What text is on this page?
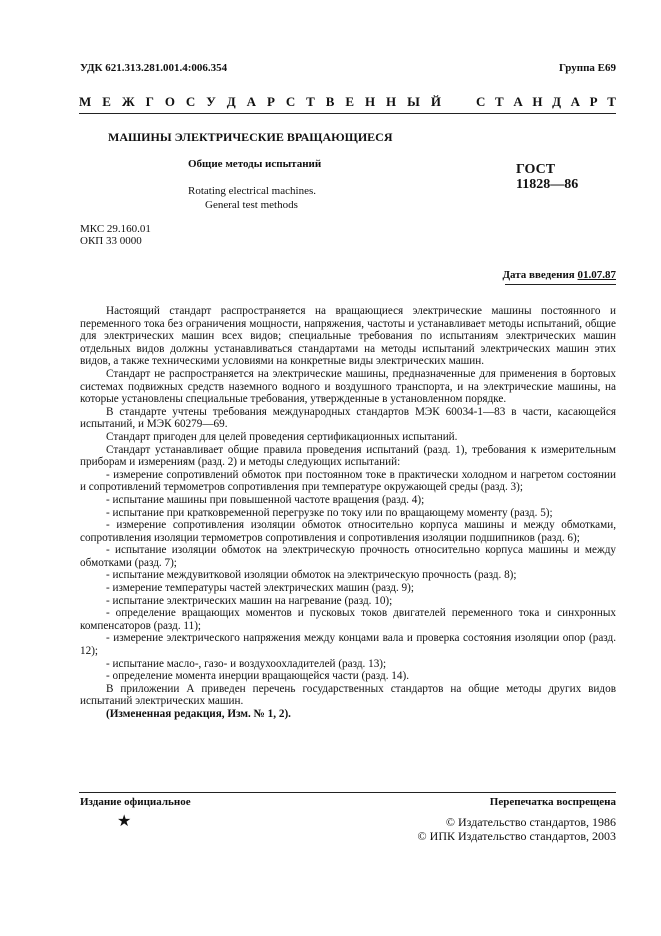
УДК 621.313.281.001.4:006.354	Группа Е69
М Е Ж Г О С У Д А Р С Т В Е Н Н Ы Й	С Т А Н Д А Р Т
МАШИНЫ ЭЛЕКТРИЧЕСКИЕ ВРАЩАЮЩИЕСЯ
Общие методы испытаний
Rotating electrical machines.
General test methods
ГОСТ
11828—86
МКС 29.160.01
ОКП 33 0000
Дата введения 01.07.87

Настоящий стандарт распространяется на вращающиеся электрические машины постоянного и переменного тока без ограничения мощности, напряжения, частоты и устанавливает методы испытаний, общие для электрических машин всех видов; специальные требования по испытаниям электрических машин отдельных видов должны устанавливаться стандартами на методы испытаний электрических машин этих видов, а также техническими условиями на конкретные виды электрических машин.

Стандарт не распространяется на электрические машины, предназначенные для применения в бортовых системах подвижных средств наземного водного и воздушного транспорта, и на электрические машины, на которые установлены специальные требования, утвержденные в установленном порядке.

В стандарте учтены требования международных стандартов МЭК 60034-1—83 в части, касающейся испытаний, и МЭК 60279—69.

Стандарт пригоден для целей проведения сертификационных испытаний.

Стандарт устанавливает общие правила проведения испытаний (разд. 1), требования к измерительным приборам и измерениям (разд. 2) и методы следующих испытаний:

- измерение сопротивлений обмоток при постоянном токе в практически холодном и нагретом состоянии и сопротивлений термометров сопротивления при температуре окружающей среды (разд. 3);

- испытание машины при повышенной частоте вращения (разд. 4);

- испытание при кратковременной перегрузке по току или по вращающему моменту (разд. 5);

- измерение сопротивления изоляции обмоток относительно корпуса машины и между обмотками, сопротивления изоляции термометров сопротивления и сопротивления изоляции подшипников (разд. 6);

- испытание изоляции обмоток на электрическую прочность относительно корпуса машины и между обмотками (разд. 7);

- испытание междувитковой изоляции обмоток на электрическую прочность (разд. 8);

- измерение температуры частей электрических машин (разд. 9);

- испытание электрических машин на нагревание (разд. 10);

- определение вращающих моментов и пусковых токов двигателей переменного тока и синхронных компенсаторов (разд. 11);

- измерение электрического напряжения между концами вала и проверка состояния изоляции опор (разд. 12);

- испытание масло-, газо- и воздухоохладителей (разд. 13);

- определение момента инерции вращающейся части (разд. 14).

В приложении А приведен перечень государственных стандартов на общие методы других видов испытаний электрических машин.

(Измененная редакция, Изм. № 1, 2).

Издание официальное	Перепечатка воспрещена
★	© Издательство стандартов, 1986
© ИПК Издательство стандартов, 2003
